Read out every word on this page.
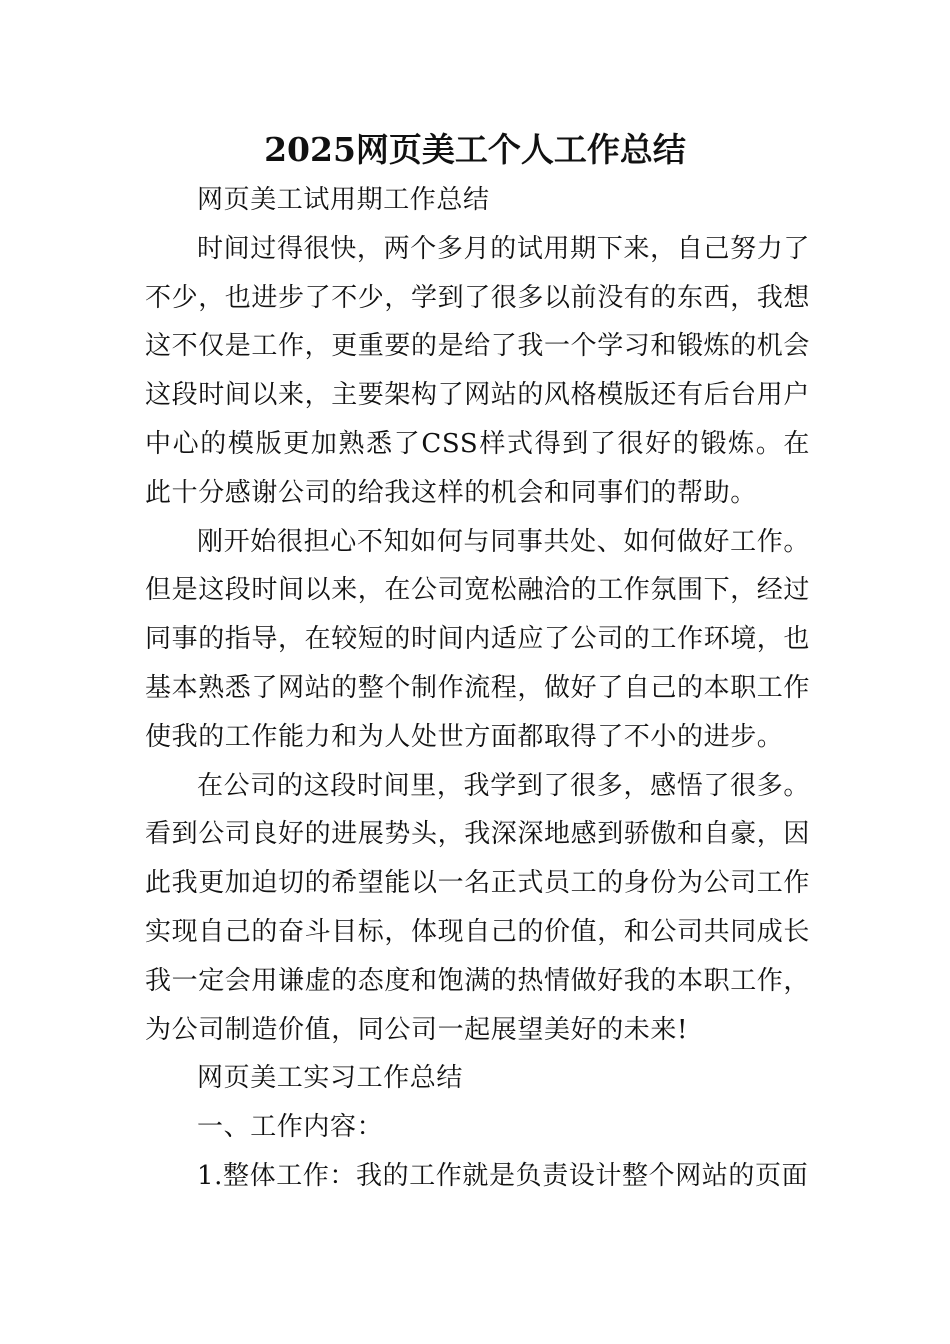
2025网页美工个人工作总结

网页美工试用期工作总结

时间过得很快，两个多月的试用期下来，自己努力了不少，也进步了不少，学到了很多以前没有的东西，我想这不仅是工作，更重要的是给了我一个学习和锻炼的机会这段时间以来，主要架构了网站的风格模版还有后台用户中心的模版更加熟悉了CSS样式得到了很好的锻炼。在此十分感谢公司的给我这样的机会和同事们的帮助。

刚开始很担心不知如何与同事共处、如何做好工作。但是这段时间以来，在公司宽松融洽的工作氛围下，经过同事的指导，在较短的时间内适应了公司的工作环境，也基本熟悉了网站的整个制作流程，做好了自己的本职工作使我的工作能力和为人处世方面都取得了不小的进步。

在公司的这段时间里，我学到了很多，感悟了很多。看到公司良好的进展势头，我深深地感到骄傲和自豪，因此我更加迫切的希望能以一名正式员工的身份为公司工作实现自己的奋斗目标，体现自己的价值，和公司共同成长我一定会用谦虚的态度和饱满的热情做好我的本职工作，为公司制造价值，同公司一起展望美好的未来!

网页美工实习工作总结

一、工作内容：

1.整体工作：我的工作就是负责设计整个网站的页面
